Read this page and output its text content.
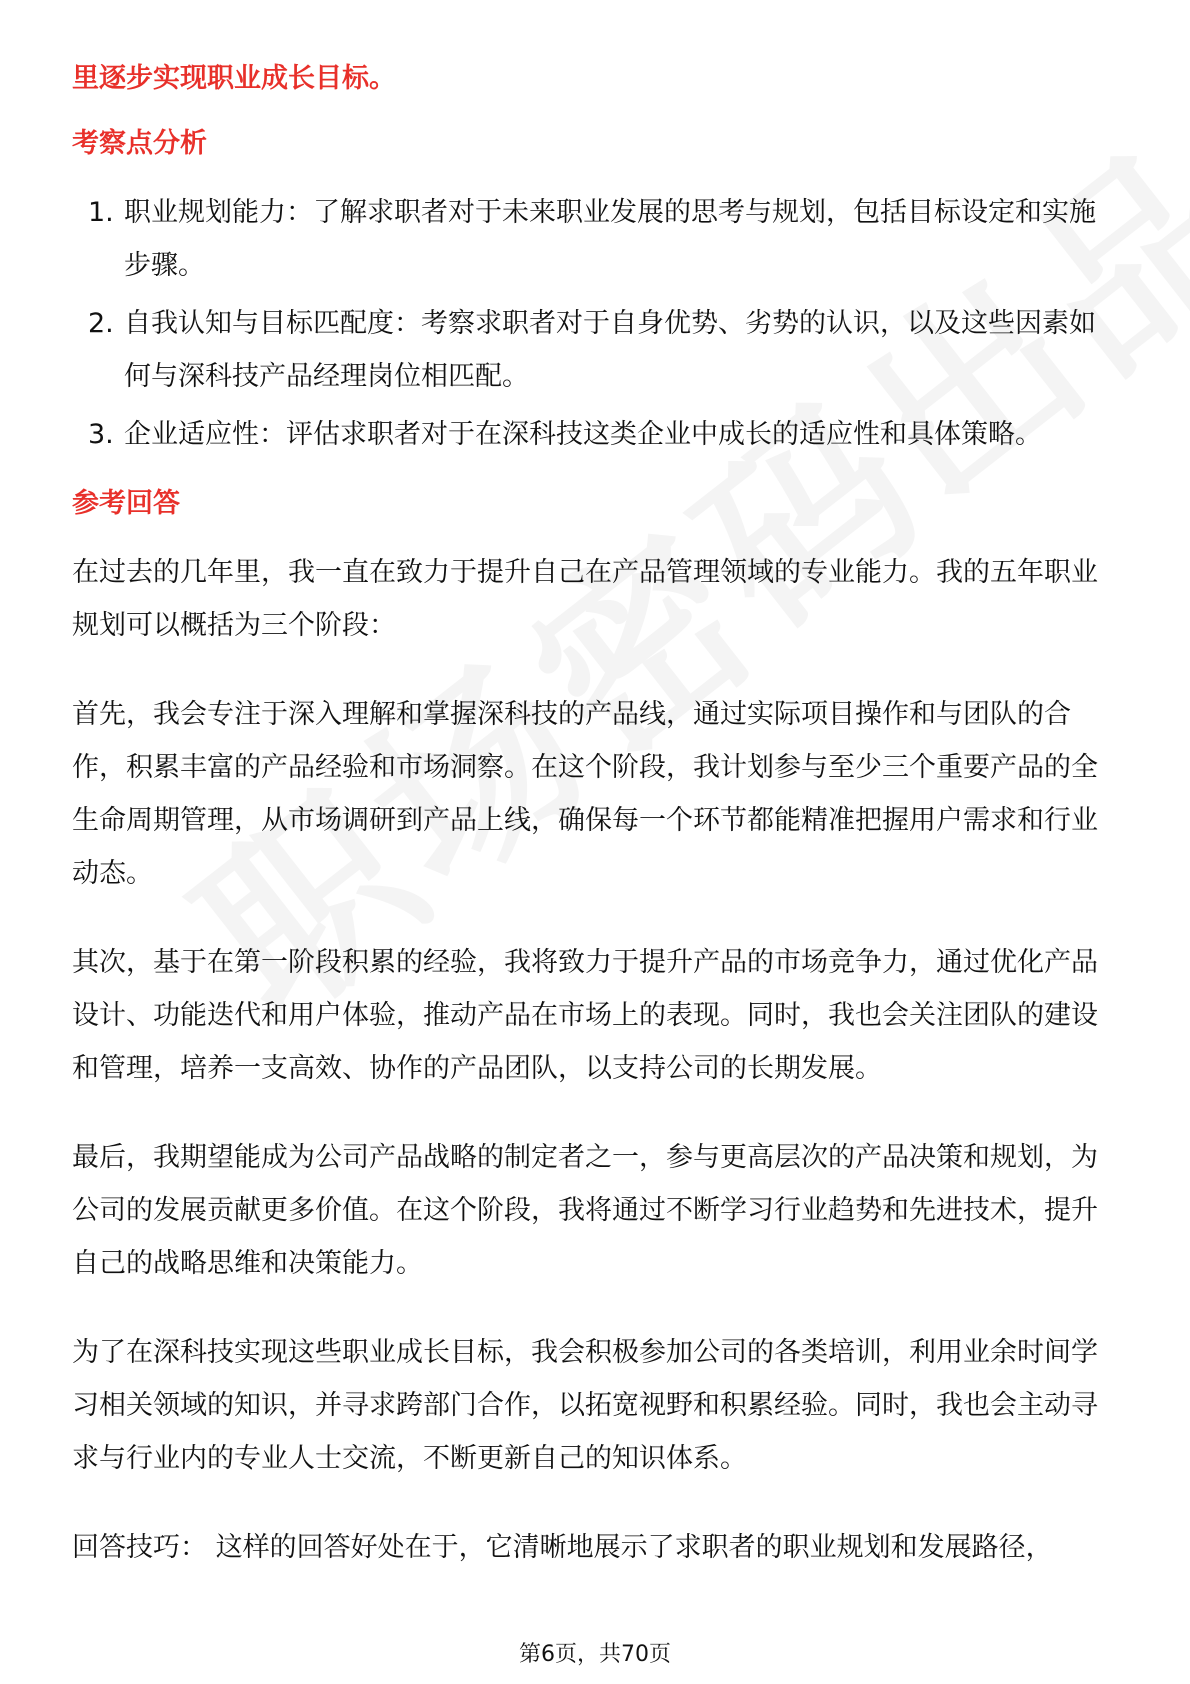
里逐步实现职业成长目标。

考察点分析

1. 职业规划能力：了解求职者对于未来职业发展的思考与规划，包括目标设定和实施步骤。
2. 自我认知与目标匹配度：考察求职者对于自身优势、劣势的认识，以及这些因素如何与深科技产品经理岗位相匹配。
3. 企业适应性：评估求职者对于在深科技这类企业中成长的适应性和具体策略。

参考回答

在过去的几年里，我一直在致力于提升自己在产品管理领域的专业能力。我的五年职业规划可以概括为三个阶段：

首先，我会专注于深入理解和掌握深科技的产品线，通过实际项目操作和与团队的合作，积累丰富的产品经验和市场洞察。在这个阶段，我计划参与至少三个重要产品的全生命周期管理，从市场调研到产品上线，确保每一个环节都能精准把握用户需求和行业动态。

其次，基于在第一阶段积累的经验，我将致力于提升产品的市场竞争力，通过优化产品设计、功能迭代和用户体验，推动产品在市场上的表现。同时，我也会关注团队的建设和管理，培养一支高效、协作的产品团队，以支持公司的长期发展。

最后，我期望能成为公司产品战略的制定者之一，参与更高层次的产品决策和规划，为公司的发展贡献更多价值。在这个阶段，我将通过不断学习行业趋势和先进技术，提升自己的战略思维和决策能力。

为了在深科技实现这些职业成长目标，我会积极参加公司的各类培训，利用业余时间学习相关领域的知识，并寻求跨部门合作，以拓宽视野和积累经验。同时，我也会主动寻求与行业内的专业人士交流，不断更新自己的知识体系。

回答技巧： 这样的回答好处在于，它清晰地展示了求职者的职业规划和发展路径，

第6页，共70页
